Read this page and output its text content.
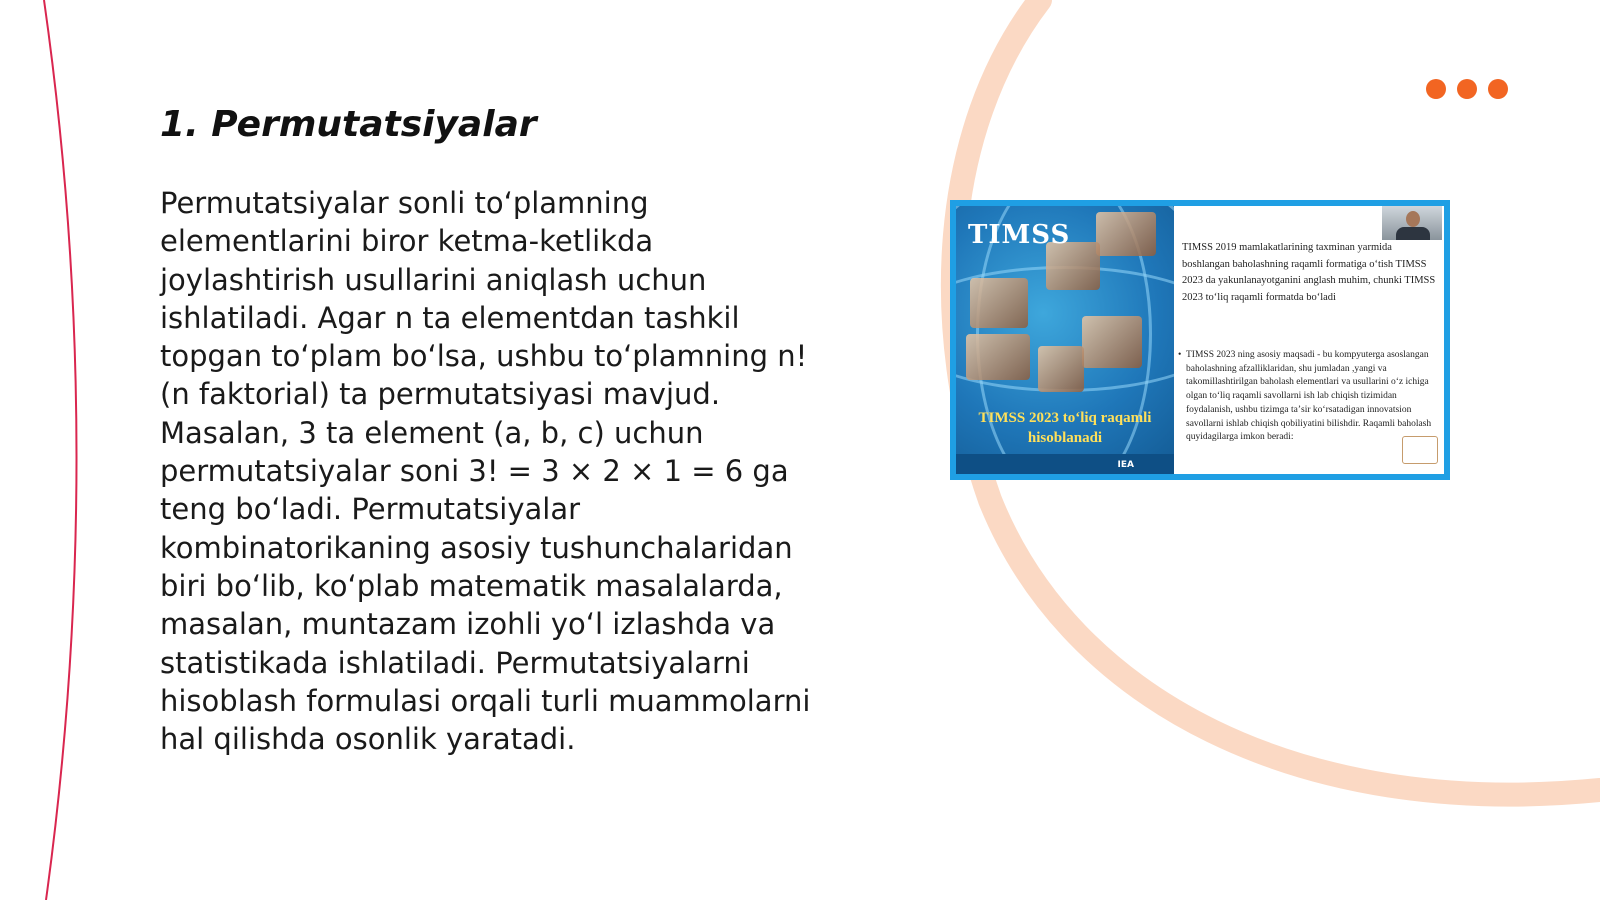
1. Permutatsiyalar

Permutatsiyalar sonli toʻplamning elementlarini biror ketma-ketlikda joylashtirish usullarini aniqlash uchun ishlatiladi. Agar n ta elementdan tashkil topgan toʻplam boʻlsa, ushbu toʻplamning n! (n faktorial) ta permutatsiyasi mavjud. Masalan, 3 ta element (a, b, c) uchun permutatsiyalar soni 3! = 3 × 2 × 1 = 6 ga teng boʻladi. Permutatsiyalar kombinatorikaning asosiy tushunchalaridan biri boʻlib, koʻplab matematik masalalarda, masalan, muntazam izohli yoʻl izlashda va statistikada ishlatiladi. Permutatsiyalarni hisoblash formulasi orqali turli muammolarni hal qilishda osonlik yaratadi.

TIMSS
TIMSS 2023 toʻliq raqamli hisoblanadi
IEA

TIMSS 2019 mamlakatlarining taxminan yarmida boshlangan baholashning raqamli formatiga oʻtish TIMSS 2023 da yakunlanayotganini anglash muhim, chunki TIMSS 2023 toʻliq raqamli formatda boʻladi

• TIMSS 2023 ning asosiy maqsadi - bu kompyuterga asoslangan baholashning afzalliklaridan, shu jumladan ,yangi va takomillashtirilgan baholash elementlari va usullarini oʻz ichiga olgan toʻliq raqamli savollarni ish lab chiqish tizimidan foydalanish, ushbu tizimga taʼsir koʻrsatadigan innovatsion savollarni ishlab chiqish qobiliyatini bilishdir. Raqamli baholash quyidagilarga imkon beradi:
